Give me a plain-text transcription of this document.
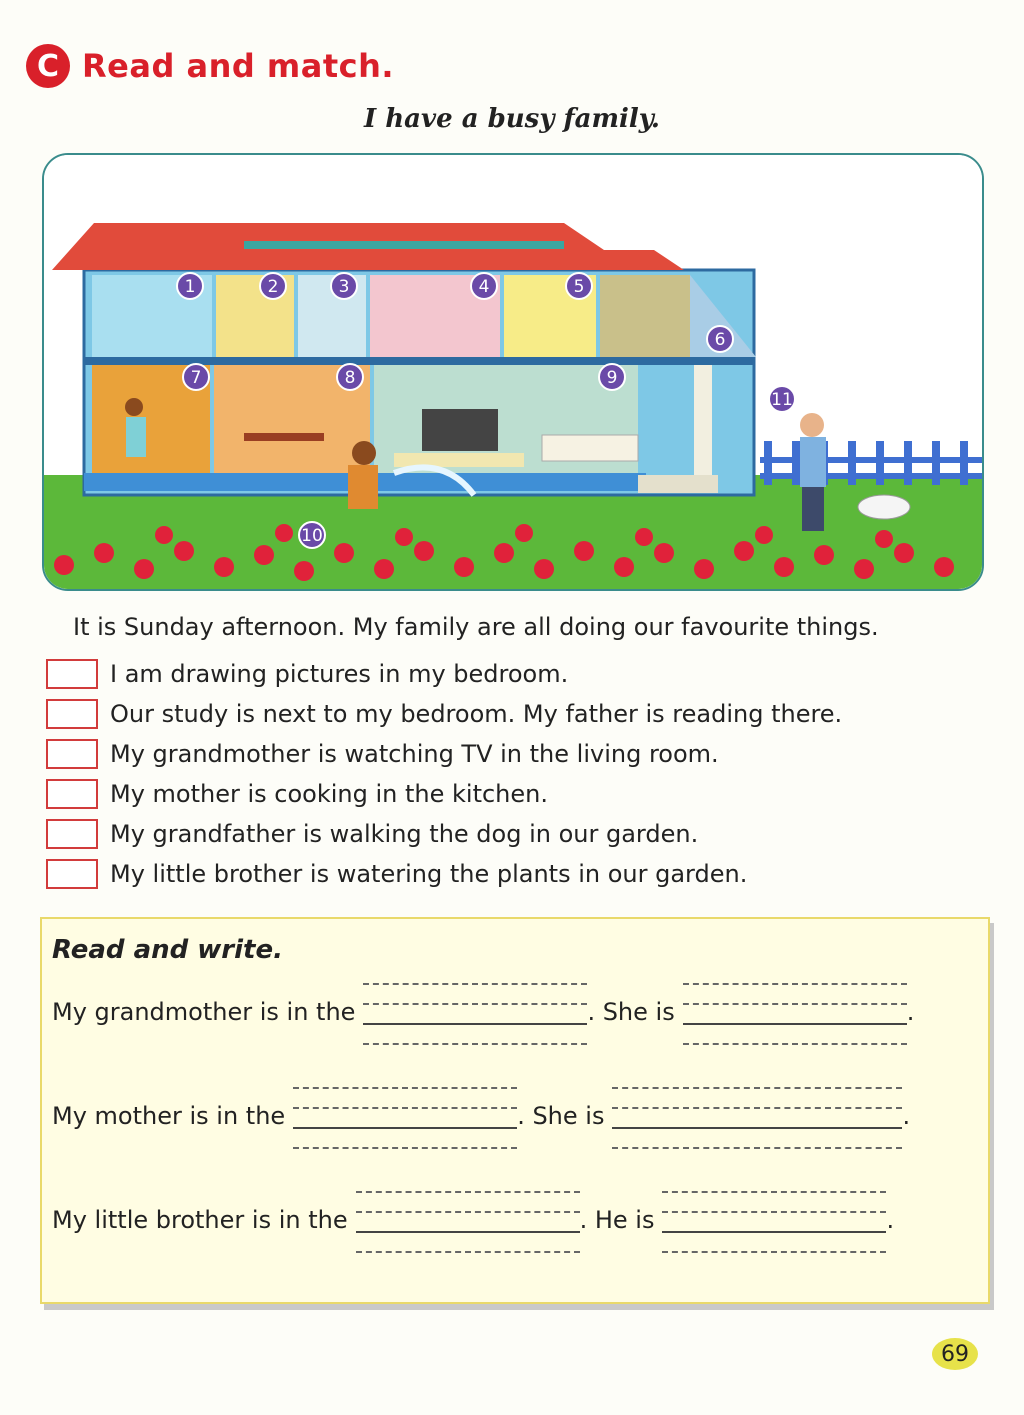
C Read and match.
I have a busy family.
1	2	3	4	5
6
7	8	9
10
11
It is Sunday afternoon. My family are all doing our favourite things.
I am drawing pictures in my bedroom.
Our study is next to my bedroom. My father is reading there.
My grandmother is watching TV in the living room.
My mother is cooking in the kitchen.
My grandfather is walking the dog in our garden.
My little brother is watering the plants in our garden.
Read and write.
My grandmother is in the	. She is	.
My mother is in the	. She is	.
My little brother is in the	. He is	.
69
